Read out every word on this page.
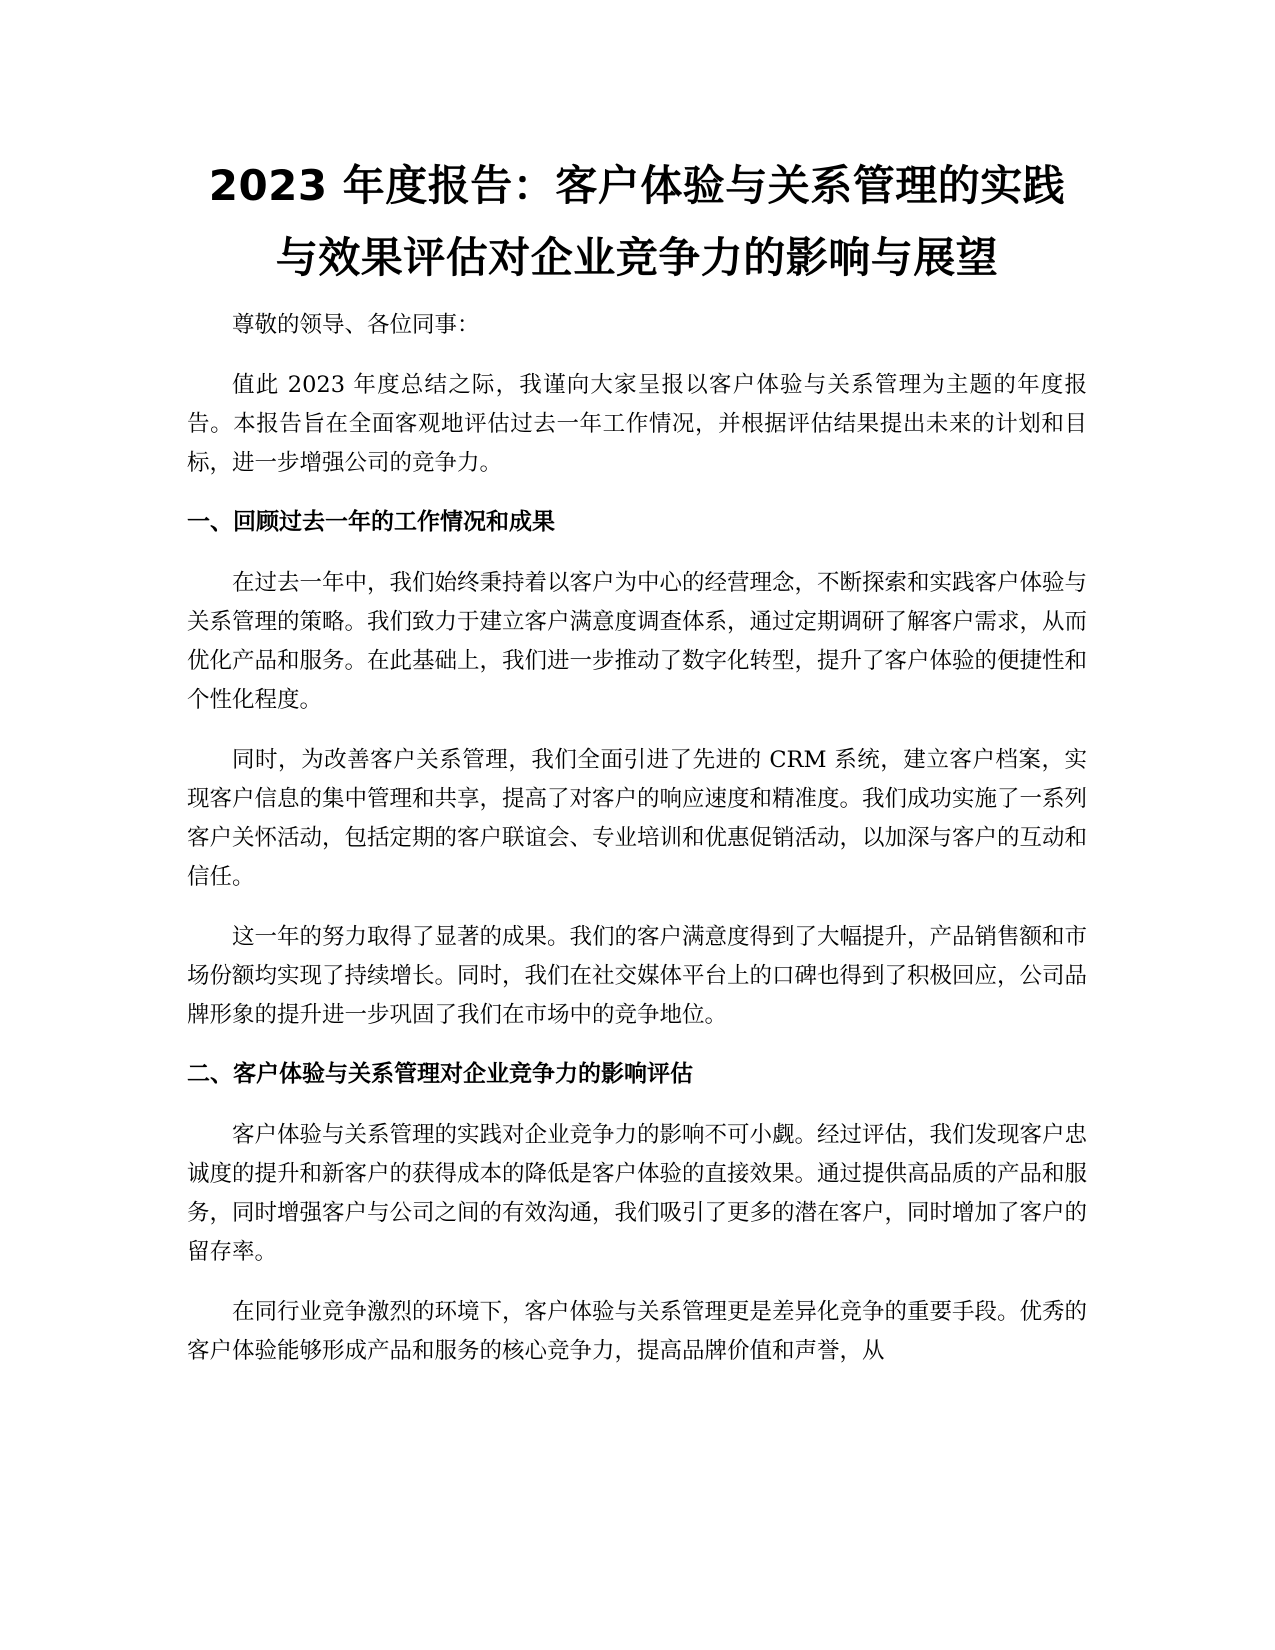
2023 年度报告：客户体验与关系管理的实践
与效果评估对企业竞争力的影响与展望

尊敬的领导、各位同事：

值此 2023 年度总结之际，我谨向大家呈报以客户体验与关系管理为主题的年度报告。本报告旨在全面客观地评估过去一年工作情况，并根据评估结果提出未来的计划和目标，进一步增强公司的竞争力。

一、回顾过去一年的工作情况和成果

在过去一年中，我们始终秉持着以客户为中心的经营理念，不断探索和实践客户体验与关系管理的策略。我们致力于建立客户满意度调查体系，通过定期调研了解客户需求，从而优化产品和服务。在此基础上，我们进一步推动了数字化转型，提升了客户体验的便捷性和个性化程度。

同时，为改善客户关系管理，我们全面引进了先进的 CRM 系统，建立客户档案，实现客户信息的集中管理和共享，提高了对客户的响应速度和精准度。我们成功实施了一系列客户关怀活动，包括定期的客户联谊会、专业培训和优惠促销活动，以加深与客户的互动和信任。

这一年的努力取得了显著的成果。我们的客户满意度得到了大幅提升，产品销售额和市场份额均实现了持续增长。同时，我们在社交媒体平台上的口碑也得到了积极回应，公司品牌形象的提升进一步巩固了我们在市场中的竞争地位。

二、客户体验与关系管理对企业竞争力的影响评估

客户体验与关系管理的实践对企业竞争力的影响不可小觑。经过评估，我们发现客户忠诚度的提升和新客户的获得成本的降低是客户体验的直接效果。通过提供高品质的产品和服务，同时增强客户与公司之间的有效沟通，我们吸引了更多的潜在客户，同时增加了客户的留存率。

在同行业竞争激烈的环境下，客户体验与关系管理更是差异化竞争的重要手段。优秀的客户体验能够形成产品和服务的核心竞争力，提高品牌价值和声誉，从
